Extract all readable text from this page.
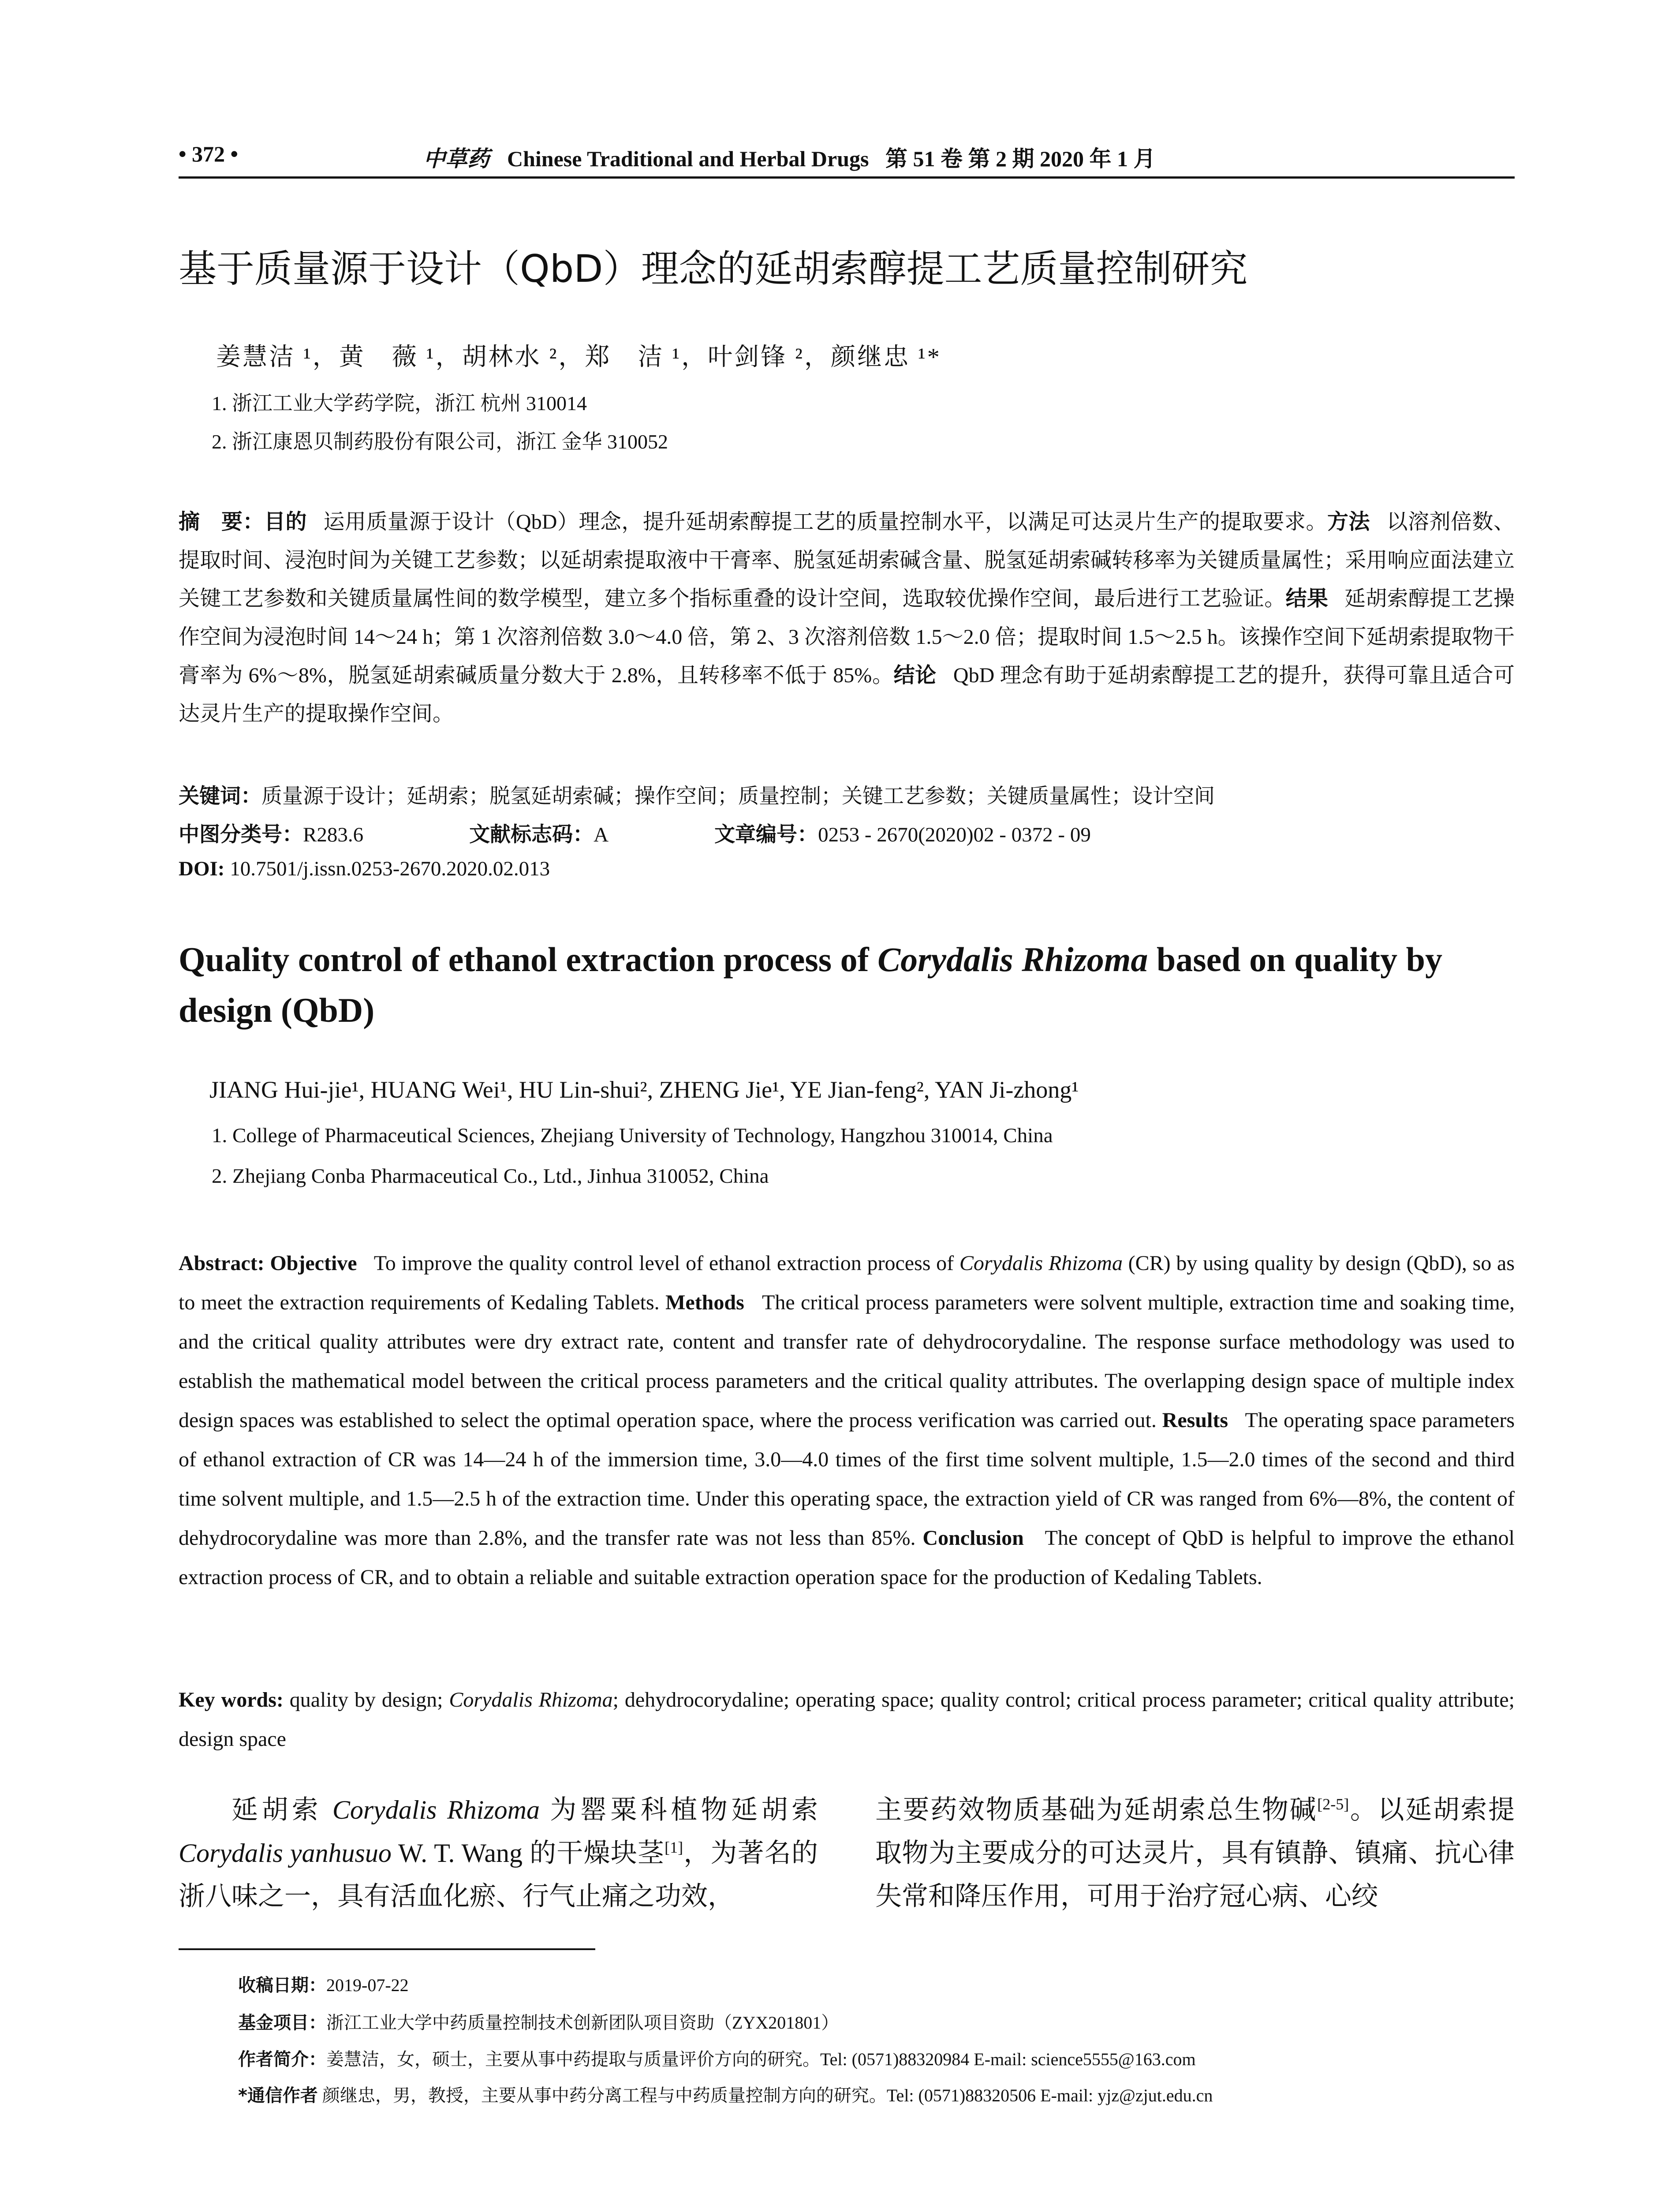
• 372 •	中草药 Chinese Traditional and Herbal Drugs 第 51 卷 第 2 期 2020 年 1 月
基于质量源于设计（QbD）理念的延胡索醇提工艺质量控制研究
姜慧洁 ¹，黄　薇 ¹，胡林水 ²，郑　洁 ¹，叶剑锋 ²，颜继忠 ¹*
1. 浙江工业大学药学院，浙江 杭州 310014
2. 浙江康恩贝制药股份有限公司，浙江 金华 310052
摘　要：目的 运用质量源于设计（QbD）理念，提升延胡索醇提工艺的质量控制水平，以满足可达灵片生产的提取要求。方法 以溶剂倍数、提取时间、浸泡时间为关键工艺参数；以延胡索提取液中干膏率、脱氢延胡索碱含量、脱氢延胡索碱转移率为关键质量属性；采用响应面法建立关键工艺参数和关键质量属性间的数学模型，建立多个指标重叠的设计空间，选取较优操作空间，最后进行工艺验证。结果 延胡索醇提工艺操作空间为浸泡时间 14～24 h；第 1 次溶剂倍数 3.0～4.0 倍，第 2、3 次溶剂倍数 1.5～2.0 倍；提取时间 1.5～2.5 h。该操作空间下延胡索提取物干膏率为 6%～8%，脱氢延胡索碱质量分数大于 2.8%，且转移率不低于 85%。结论 QbD 理念有助于延胡索醇提工艺的提升，获得可靠且适合可达灵片生产的提取操作空间。
关键词：质量源于设计；延胡索；脱氢延胡索碱；操作空间；质量控制；关键工艺参数；关键质量属性；设计空间
中图分类号：R283.6	文献标志码：A	文章编号：0253 - 2670(2020)02 - 0372 - 09
DOI: 10.7501/j.issn.0253-2670.2020.02.013
Quality control of ethanol extraction process of Corydalis Rhizoma based on quality by design (QbD)
JIANG Hui-jie¹, HUANG Wei¹, HU Lin-shui², ZHENG Jie¹, YE Jian-feng², YAN Ji-zhong¹
1. College of Pharmaceutical Sciences, Zhejiang University of Technology, Hangzhou 310014, China
2. Zhejiang Conba Pharmaceutical Co., Ltd., Jinhua 310052, China
Abstract: Objective To improve the quality control level of ethanol extraction process of Corydalis Rhizoma (CR) by using quality by design (QbD), so as to meet the extraction requirements of Kedaling Tablets. Methods The critical process parameters were solvent multiple, extraction time and soaking time, and the critical quality attributes were dry extract rate, content and transfer rate of dehydrocorydaline. The response surface methodology was used to establish the mathematical model between the critical process parameters and the critical quality attributes. The overlapping design space of multiple index design spaces was established to select the optimal operation space, where the process verification was carried out. Results The operating space parameters of ethanol extraction of CR was 14—24 h of the immersion time, 3.0—4.0 times of the first time solvent multiple, 1.5—2.0 times of the second and third time solvent multiple, and 1.5—2.5 h of the extraction time. Under this operating space, the extraction yield of CR was ranged from 6%—8%, the content of dehydrocorydaline was more than 2.8%, and the transfer rate was not less than 85%. Conclusion The concept of QbD is helpful to improve the ethanol extraction process of CR, and to obtain a reliable and suitable extraction operation space for the production of Kedaling Tablets.
Key words: quality by design; Corydalis Rhizoma; dehydrocorydaline; operating space; quality control; critical process parameter; critical quality attribute; design space
延胡索 Corydalis Rhizoma 为罂粟科植物延胡索 Corydalis yanhusuo W. T. Wang 的干燥块茎[1]，为著名的浙八味之一，具有活血化瘀、行气止痛之功效，
主要药效物质基础为延胡索总生物碱[2-5]。以延胡索提取物为主要成分的可达灵片，具有镇静、镇痛、抗心律失常和降压作用，可用于治疗冠心病、心绞
收稿日期：2019-07-22
基金项目：浙江工业大学中药质量控制技术创新团队项目资助（ZYX201801）
作者简介：姜慧洁，女，硕士，主要从事中药提取与质量评价方向的研究。Tel: (0571)88320984 E-mail: science5555@163.com
*通信作者 颜继忠，男，教授，主要从事中药分离工程与中药质量控制方向的研究。Tel: (0571)88320506 E-mail: yjz@zjut.edu.cn
